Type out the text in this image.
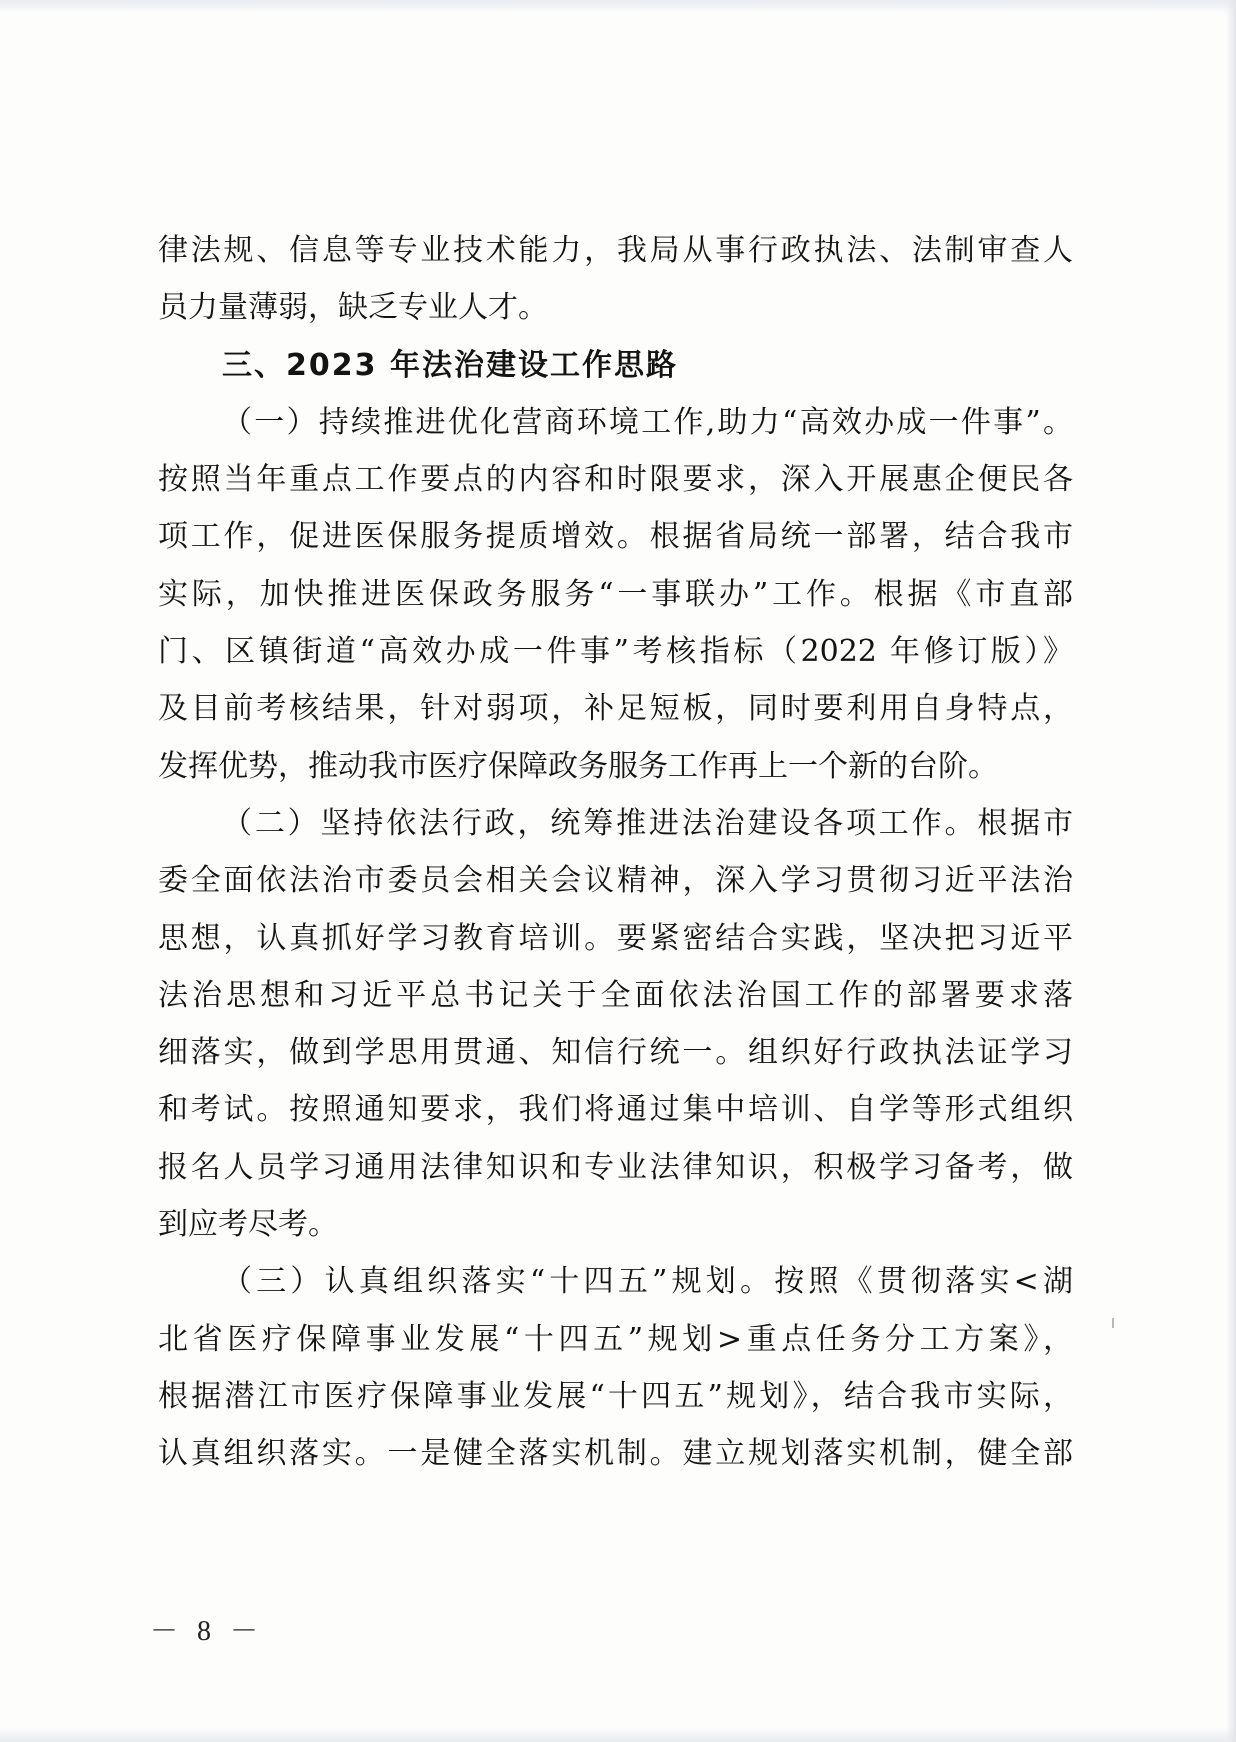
律法规、信息等专业技术能力，我局从事行政执法、法制审查人
员力量薄弱，缺乏专业人才。
三、2023 年法治建设工作思路
（一）持续推进优化营商环境工作,助力“高效办成一件事”。
按照当年重点工作要点的内容和时限要求，深入开展惠企便民各
项工作，促进医保服务提质增效。根据省局统一部署，结合我市
实际，加快推进医保政务服务“一事联办”工作。根据《市直部
门、区镇街道“高效办成一件事”考核指标（2022 年修订版）》
及目前考核结果，针对弱项，补足短板，同时要利用自身特点，
发挥优势，推动我市医疗保障政务服务工作再上一个新的台阶。
（二）坚持依法行政，统筹推进法治建设各项工作。根据市
委全面依法治市委员会相关会议精神，深入学习贯彻习近平法治
思想，认真抓好学习教育培训。要紧密结合实践，坚决把习近平
法治思想和习近平总书记关于全面依法治国工作的部署要求落
细落实，做到学思用贯通、知信行统一。组织好行政执法证学习
和考试。按照通知要求，我们将通过集中培训、自学等形式组织
报名人员学习通用法律知识和专业法律知识，积极学习备考，做
到应考尽考。
（三）认真组织落实“十四五”规划。按照《贯彻落实<湖
北省医疗保障事业发展“十四五”规划>重点任务分工方案》，
根据潜江市医疗保障事业发展“十四五”规划》，结合我市实际，
认真组织落实。一是健全落实机制。建立规划落实机制，健全部
－ 8 －
